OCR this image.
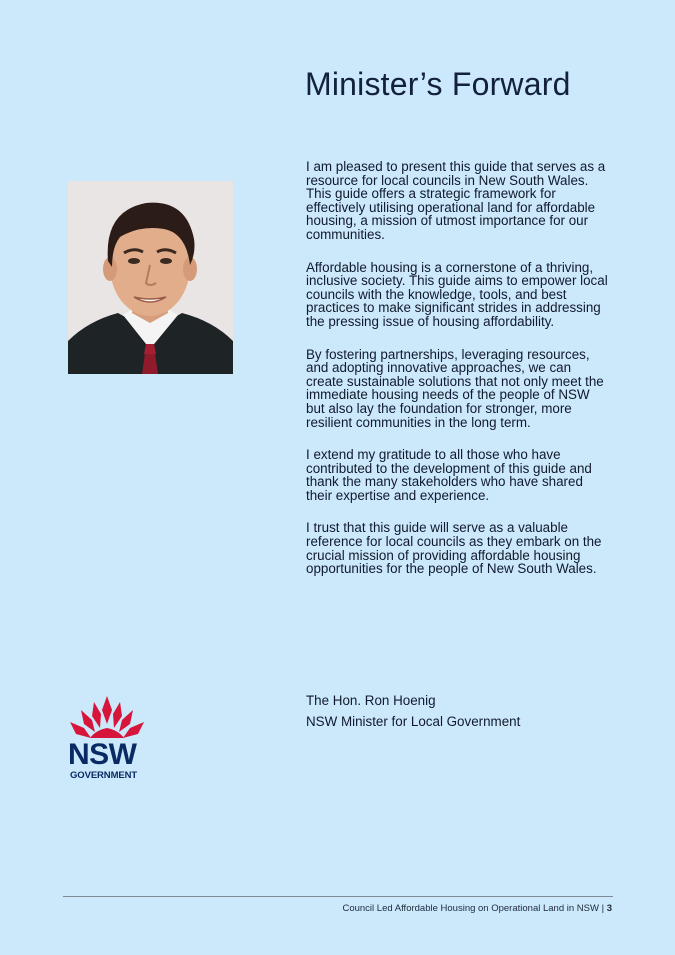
Minister’s Forward

I am pleased to present this guide that serves as a resource for local councils in New South Wales. This guide offers a strategic framework for effectively utilising operational land for affordable housing, a mission of utmost importance for our communities.

Affordable housing is a cornerstone of a thriving, inclusive society. This guide aims to empower local councils with the knowledge, tools, and best practices to make significant strides in addressing the pressing issue of housing affordability.

By fostering partnerships, leveraging resources, and adopting innovative approaches, we can create sustainable solutions that not only meet the immediate housing needs of the people of NSW but also lay the foundation for stronger, more resilient communities in the long term.

I extend my gratitude to all those who have contributed to the development of this guide and thank the many stakeholders who have shared their expertise and experience.

I trust that this guide will serve as a valuable reference for local councils as they embark on the crucial mission of providing affordable housing opportunities for the people of New South Wales.

The Hon. Ron Hoenig
NSW Minister for Local Government
NSW
GOVERNMENT
Council Led Affordable Housing on Operational Land in NSW | 3
